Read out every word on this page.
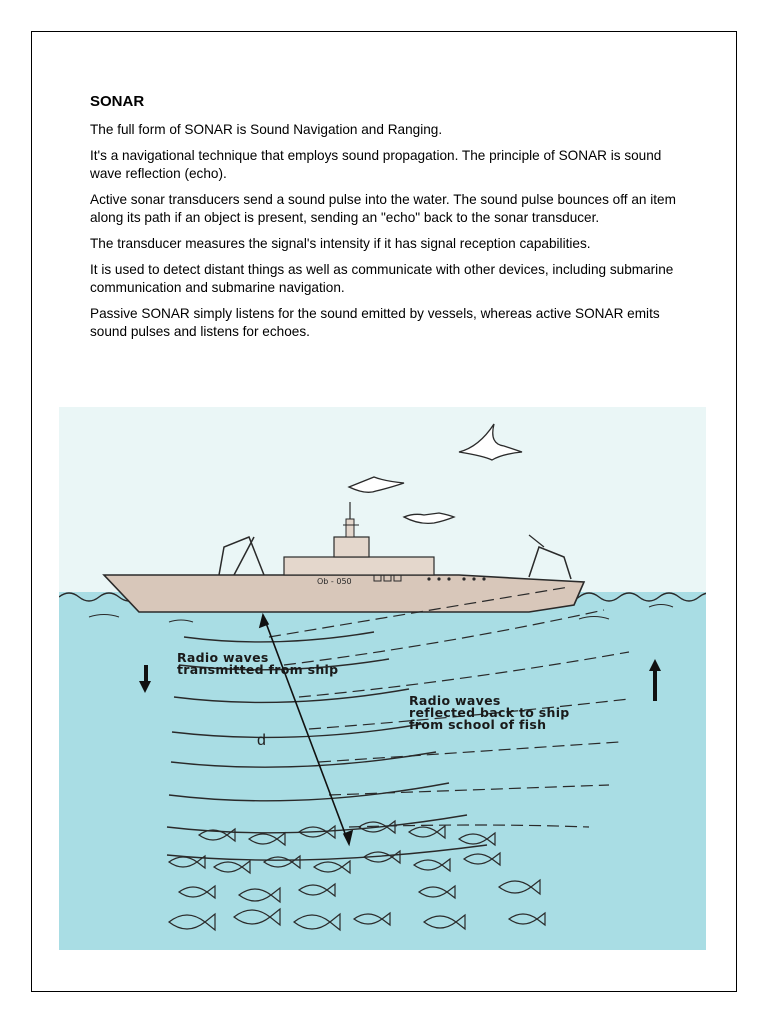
SONAR

The full form of SONAR is Sound Navigation and Ranging.

It's a navigational technique that employs sound propagation. The principle of SONAR is sound wave reflection (echo).

Active sonar transducers send a sound pulse into the water. The sound pulse bounces off an item along its path if an object is present, sending an "echo" back to the sonar transducer.

The transducer measures the signal's intensity if it has signal reception capabilities.

It is used to detect distant things as well as communicate with other devices, including submarine communication and submarine navigation.

Passive SONAR simply listens for the sound emitted by vessels, whereas active SONAR emits sound pulses and listens for echoes.

Ob - 050
d
Radio waves
transmitted from ship
Radio waves
reflected back to ship
from school of fish
